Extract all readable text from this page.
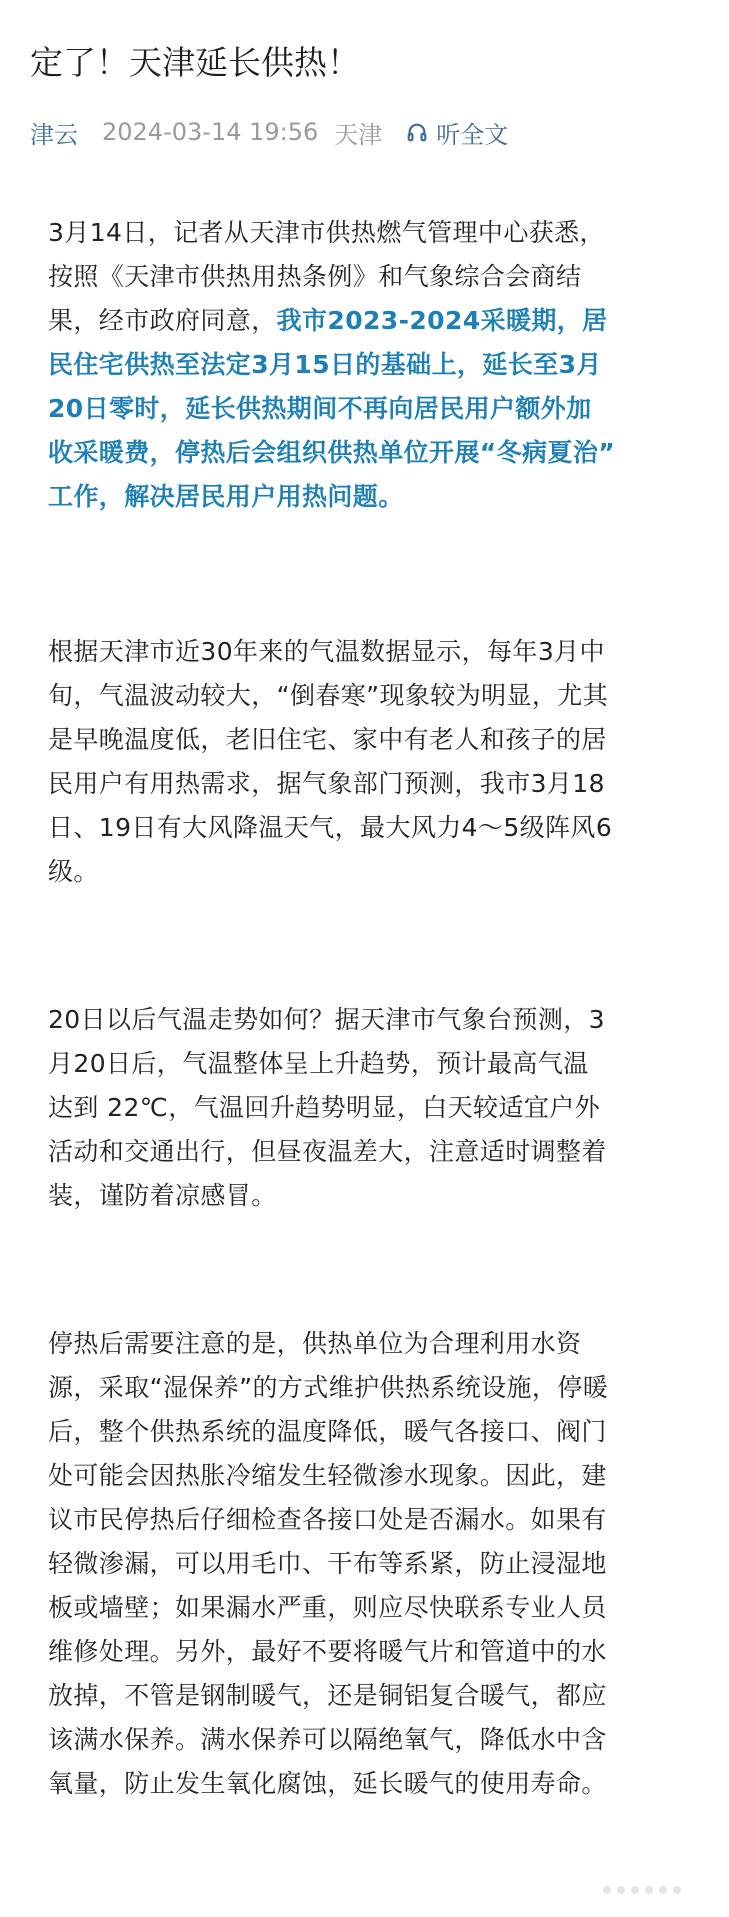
定了！天津延长供热！
津云 2024-03-14 19:56 天津 听全文
3月14日，记者从天津市供热燃气管理中心获悉，
按照《天津市供热用热条例》和气象综合会商结
果，经市政府同意，我市2023-2024采暖期，居
民住宅供热至法定3月15日的基础上，延长至3月
20日零时，延长供热期间不再向居民用户额外加
收采暖费，停热后会组织供热单位开展“冬病夏治”
工作，解决居民用户用热问题。
根据天津市近30年来的气温数据显示，每年3月中
旬，气温波动较大，“倒春寒”现象较为明显，尤其
是早晚温度低，老旧住宅、家中有老人和孩子的居
民用户有用热需求，据气象部门预测，我市3月18
日、19日有大风降温天气，最大风力4～5级阵风6
级。
20日以后气温走势如何？据天津市气象台预测，3
月20日后，气温整体呈上升趋势，预计最高气温
达到 22℃，气温回升趋势明显，白天较适宜户外
活动和交通出行，但昼夜温差大，注意适时调整着
装，谨防着凉感冒。
停热后需要注意的是，供热单位为合理利用水资
源，采取“湿保养”的方式维护供热系统设施，停暖
后，整个供热系统的温度降低，暖气各接口、阀门
处可能会因热胀冷缩发生轻微渗水现象。因此，建
议市民停热后仔细检查各接口处是否漏水。如果有
轻微渗漏，可以用毛巾、干布等系紧，防止浸湿地
板或墙壁；如果漏水严重，则应尽快联系专业人员
维修处理。另外，最好不要将暖气片和管道中的水
放掉，不管是钢制暖气，还是铜铝复合暖气，都应
该满水保养。满水保养可以隔绝氧气，降低水中含
氧量，防止发生氧化腐蚀，延长暖气的使用寿命。
